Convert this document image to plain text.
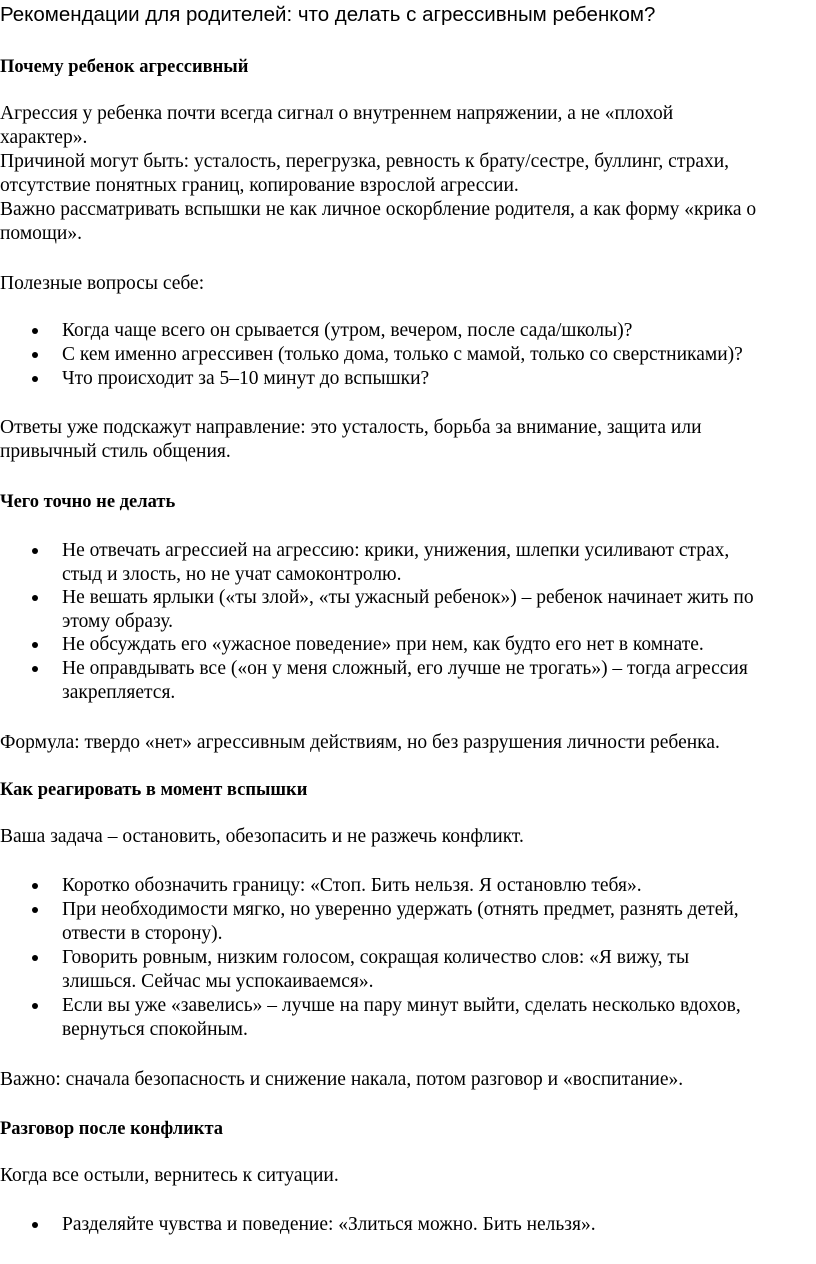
Рекомендации для родителей: что делать с агрессивным ребенком?

Почему ребенок агрессивный

Агрессия у ребенка почти всегда сигнал о внутреннем напряжении, а не «плохой
характер».
Причиной могут быть: усталость, перегрузка, ревность к брату/сестре, буллинг, страхи,
отсутствие понятных границ, копирование взрослой агрессии.
Важно рассматривать вспышки не как личное оскорбление родителя, а как форму «крика о
помощи».

Полезные вопросы себе:

Когда чаще всего он срывается (утром, вечером, после сада/школы)?
С кем именно агрессивен (только дома, только с мамой, только со сверстниками)?
Что происходит за 5–10 минут до вспышки?
Ответы уже подскажут направление: это усталость, борьба за внимание, защита или
привычный стиль общения.

Чего точно не делать

Не отвечать агрессией на агрессию: крики, унижения, шлепки усиливают страх,
стыд и злость, но не учат самоконтролю.
Не вешать ярлыки («ты злой», «ты ужасный ребенок») – ребенок начинает жить по
этому образу.
Не обсуждать его «ужасное поведение» при нем, как будто его нет в комнате.
Не оправдывать все («он у меня сложный, его лучше не трогать») – тогда агрессия
закрепляется.

Формула: твердо «нет» агрессивным действиям, но без разрушения личности ребенка.

Как реагировать в момент вспышки

Ваша задача – остановить, обезопасить и не разжечь конфликт.

Коротко обозначить границу: «Стоп. Бить нельзя. Я остановлю тебя».
При необходимости мягко, но уверенно удержать (отнять предмет, разнять детей,
отвести в сторону).
Говорить ровным, низким голосом, сокращая количество слов: «Я вижу, ты
злишься. Сейчас мы успокаиваемся».
Если вы уже «завелись» – лучше на пару минут выйти, сделать несколько вдохов,
вернуться спокойным.

Важно: сначала безопасность и снижение накала, потом разговор и «воспитание».

Разговор после конфликта

Когда все остыли, вернитесь к ситуации.

Разделяйте чувства и поведение: «Злиться можно. Бить нельзя».
